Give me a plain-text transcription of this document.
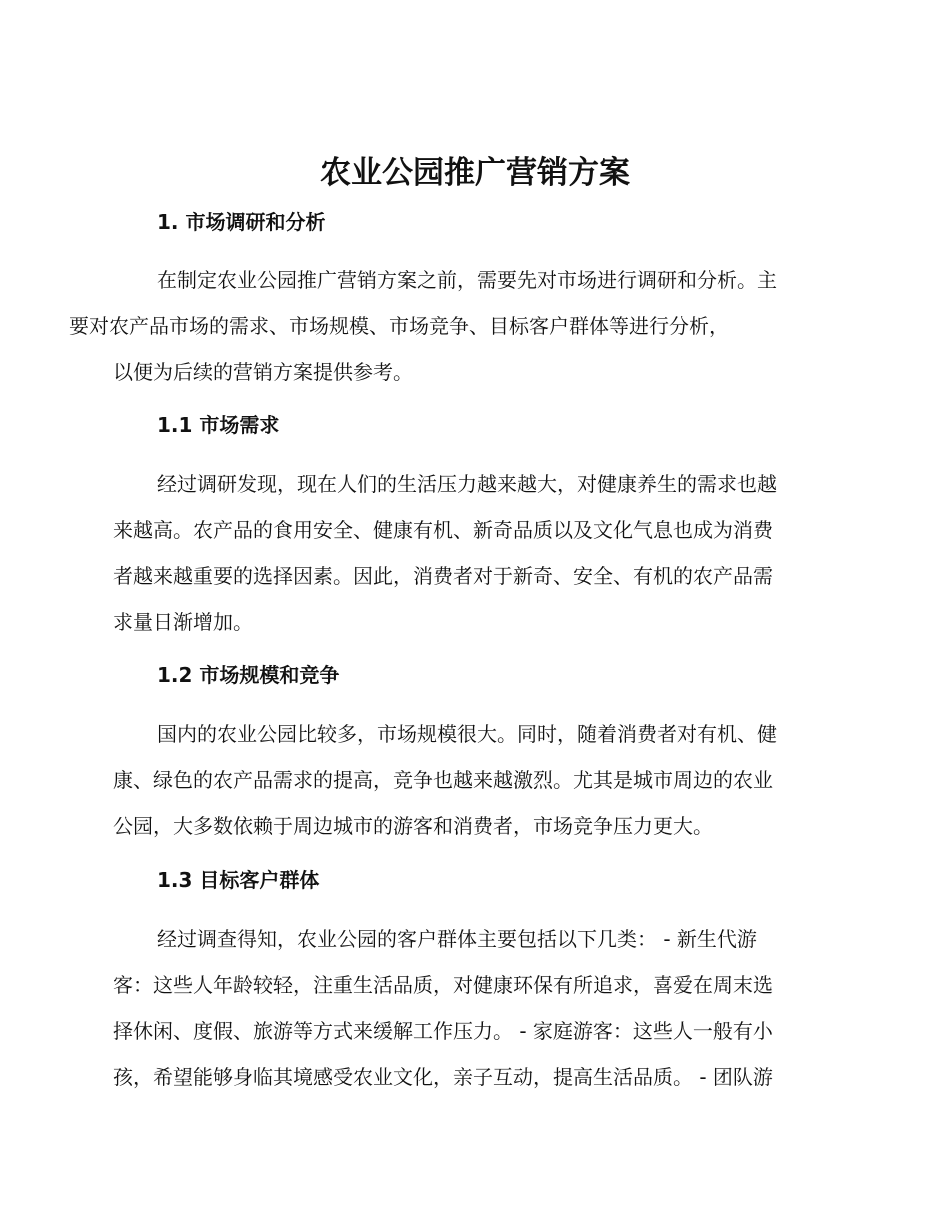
农业公园推广营销方案
1. 市场调研和分析

在制定农业公园推广营销方案之前，需要先对市场进行调研和分析。主
要对农产品市场的需求、市场规模、市场竞争、目标客户群体等进行分析，
以便为后续的营销方案提供参考。

1.1 市场需求

经过调研发现，现在人们的生活压力越来越大，对健康养生的需求也越
来越高。农产品的食用安全、健康有机、新奇品质以及文化气息也成为消费
者越来越重要的选择因素。因此，消费者对于新奇、安全、有机的农产品需
求量日渐增加。

1.2 市场规模和竞争

国内的农业公园比较多，市场规模很大。同时，随着消费者对有机、健
康、绿色的农产品需求的提高，竞争也越来越激烈。尤其是城市周边的农业
公园，大多数依赖于周边城市的游客和消费者，市场竞争压力更大。

1.3 目标客户群体

经过调查得知，农业公园的客户群体主要包括以下几类： - 新生代游
客：这些人年龄较轻，注重生活品质，对健康环保有所追求，喜爱在周末选
择休闲、度假、旅游等方式来缓解工作压力。 - 家庭游客：这些人一般有小
孩，希望能够身临其境感受农业文化，亲子互动，提高生活品质。 - 团队游
